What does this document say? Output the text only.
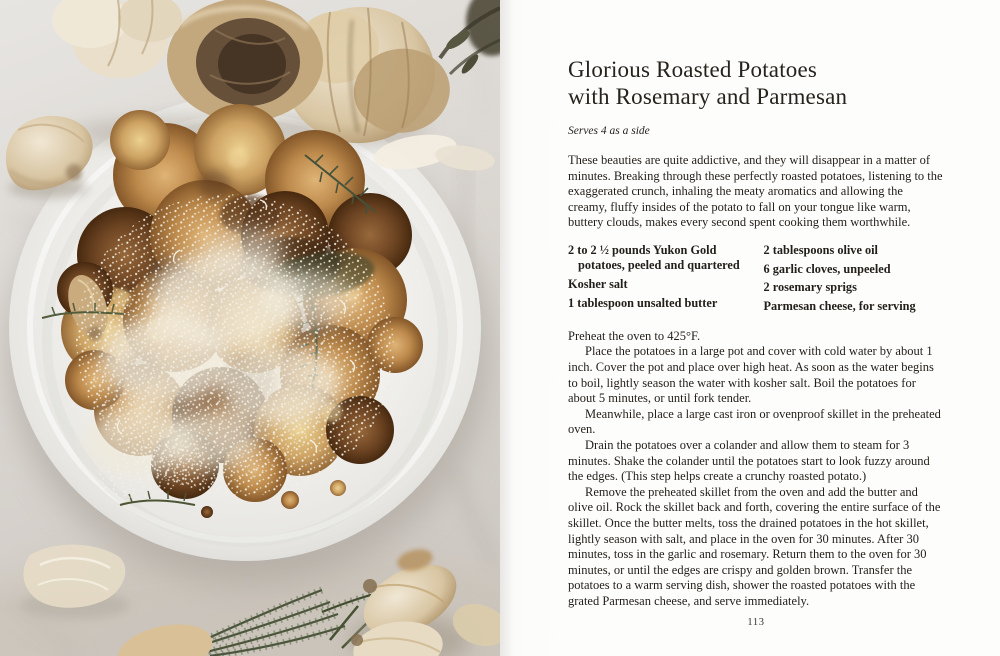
Glorious Roasted Potatoes
with Rosemary and Parmesan

Serves 4 as a side

These beauties are quite addictive, and they will disappear in a matter of minutes. Breaking through these perfectly roasted potatoes, listening to the exaggerated crunch, inhaling the meaty aromatics and allowing the creamy, fluffy insides of the potato to fall on your tongue like warm, buttery clouds, makes every second spent cooking them worthwhile.

2 to 2 ½ pounds Yukon Gold potatoes, peeled and quartered

Kosher salt

1 tablespoon unsalted butter

2 tablespoons olive oil

6 garlic cloves, unpeeled

2 rosemary sprigs

Parmesan cheese, for serving

Preheat the oven to 425°F.

Place the potatoes in a large pot and cover with cold water by about 1 inch. Cover the pot and place over high heat. As soon as the water begins to boil, lightly season the water with kosher salt. Boil the potatoes for about 5 minutes, or until fork tender.

Meanwhile, place a large cast iron or ovenproof skillet in the preheated oven.

Drain the potatoes over a colander and allow them to steam for 3 minutes. Shake the colander until the potatoes start to look fuzzy around the edges. (This step helps create a crunchy roasted potato.)

Remove the preheated skillet from the oven and add the butter and olive oil. Rock the skillet back and forth, covering the entire surface of the skillet. Once the butter melts, toss the drained potatoes in the hot skillet, lightly season with salt, and place in the oven for 30 minutes. After 30 minutes, toss in the garlic and rosemary. Return them to the oven for 30 minutes, or until the edges are crispy and golden brown. Transfer the potatoes to a warm serving dish, shower the roasted potatoes with the grated Parmesan cheese, and serve immediately.

113
